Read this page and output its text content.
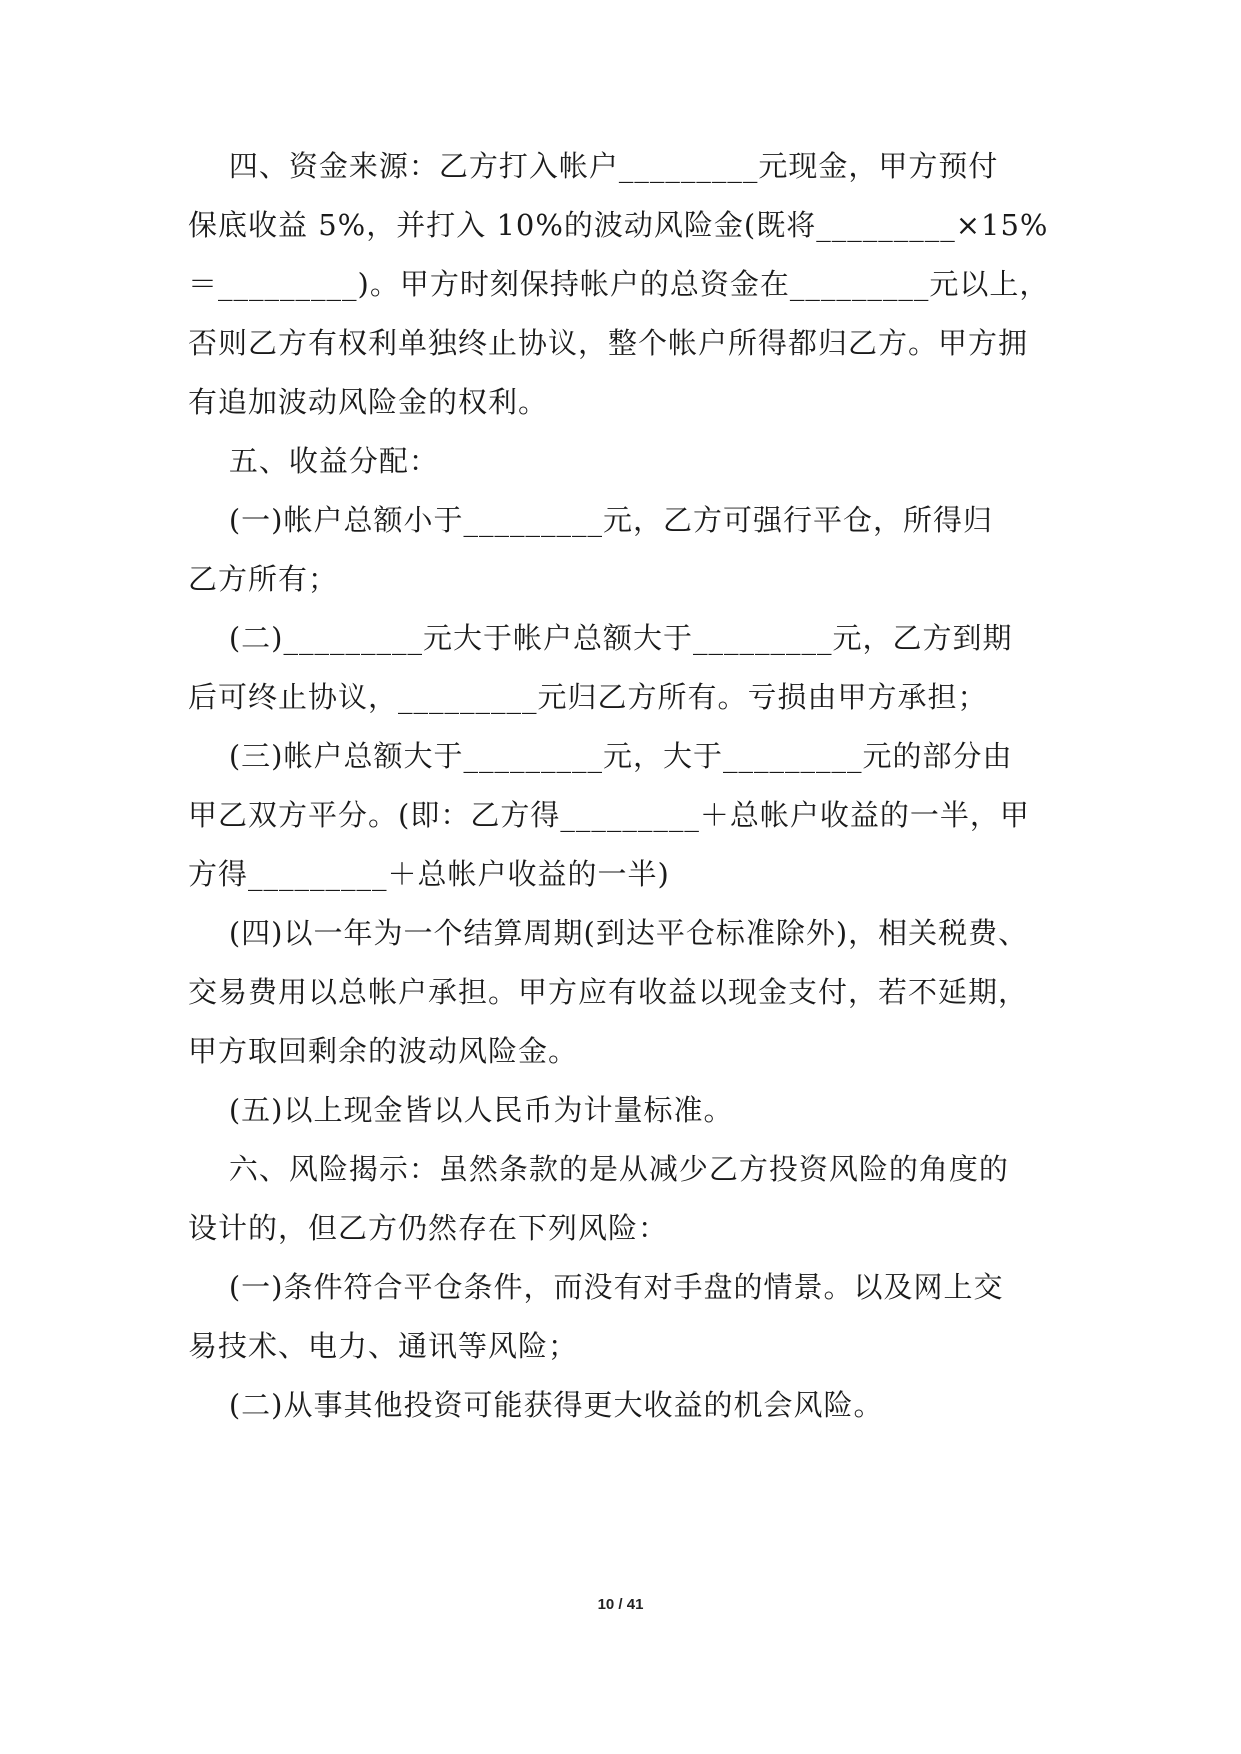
四、资金来源：乙方打入帐户_________元现金，甲方预付
保底收益 5%，并打入 10%的波动风险金(既将_________×15%
＝_________)。甲方时刻保持帐户的总资金在_________元以上，
否则乙方有权利单独终止协议，整个帐户所得都归乙方。甲方拥
有追加波动风险金的权利。
五、收益分配：
(一)帐户总额小于_________元，乙方可强行平仓，所得归
乙方所有；
(二)_________元大于帐户总额大于_________元，乙方到期
后可终止协议，_________元归乙方所有。亏损由甲方承担；
(三)帐户总额大于_________元，大于_________元的部分由
甲乙双方平分。(即：乙方得_________＋总帐户收益的一半，甲
方得_________＋总帐户收益的一半)
(四)以一年为一个结算周期(到达平仓标准除外)，相关税费、
交易费用以总帐户承担。甲方应有收益以现金支付，若不延期，
甲方取回剩余的波动风险金。
(五)以上现金皆以人民币为计量标准。
六、风险揭示：虽然条款的是从减少乙方投资风险的角度的
设计的，但乙方仍然存在下列风险：
(一)条件符合平仓条件，而没有对手盘的情景。以及网上交
易技术、电力、通讯等风险；
(二)从事其他投资可能获得更大收益的机会风险。
10 / 41
